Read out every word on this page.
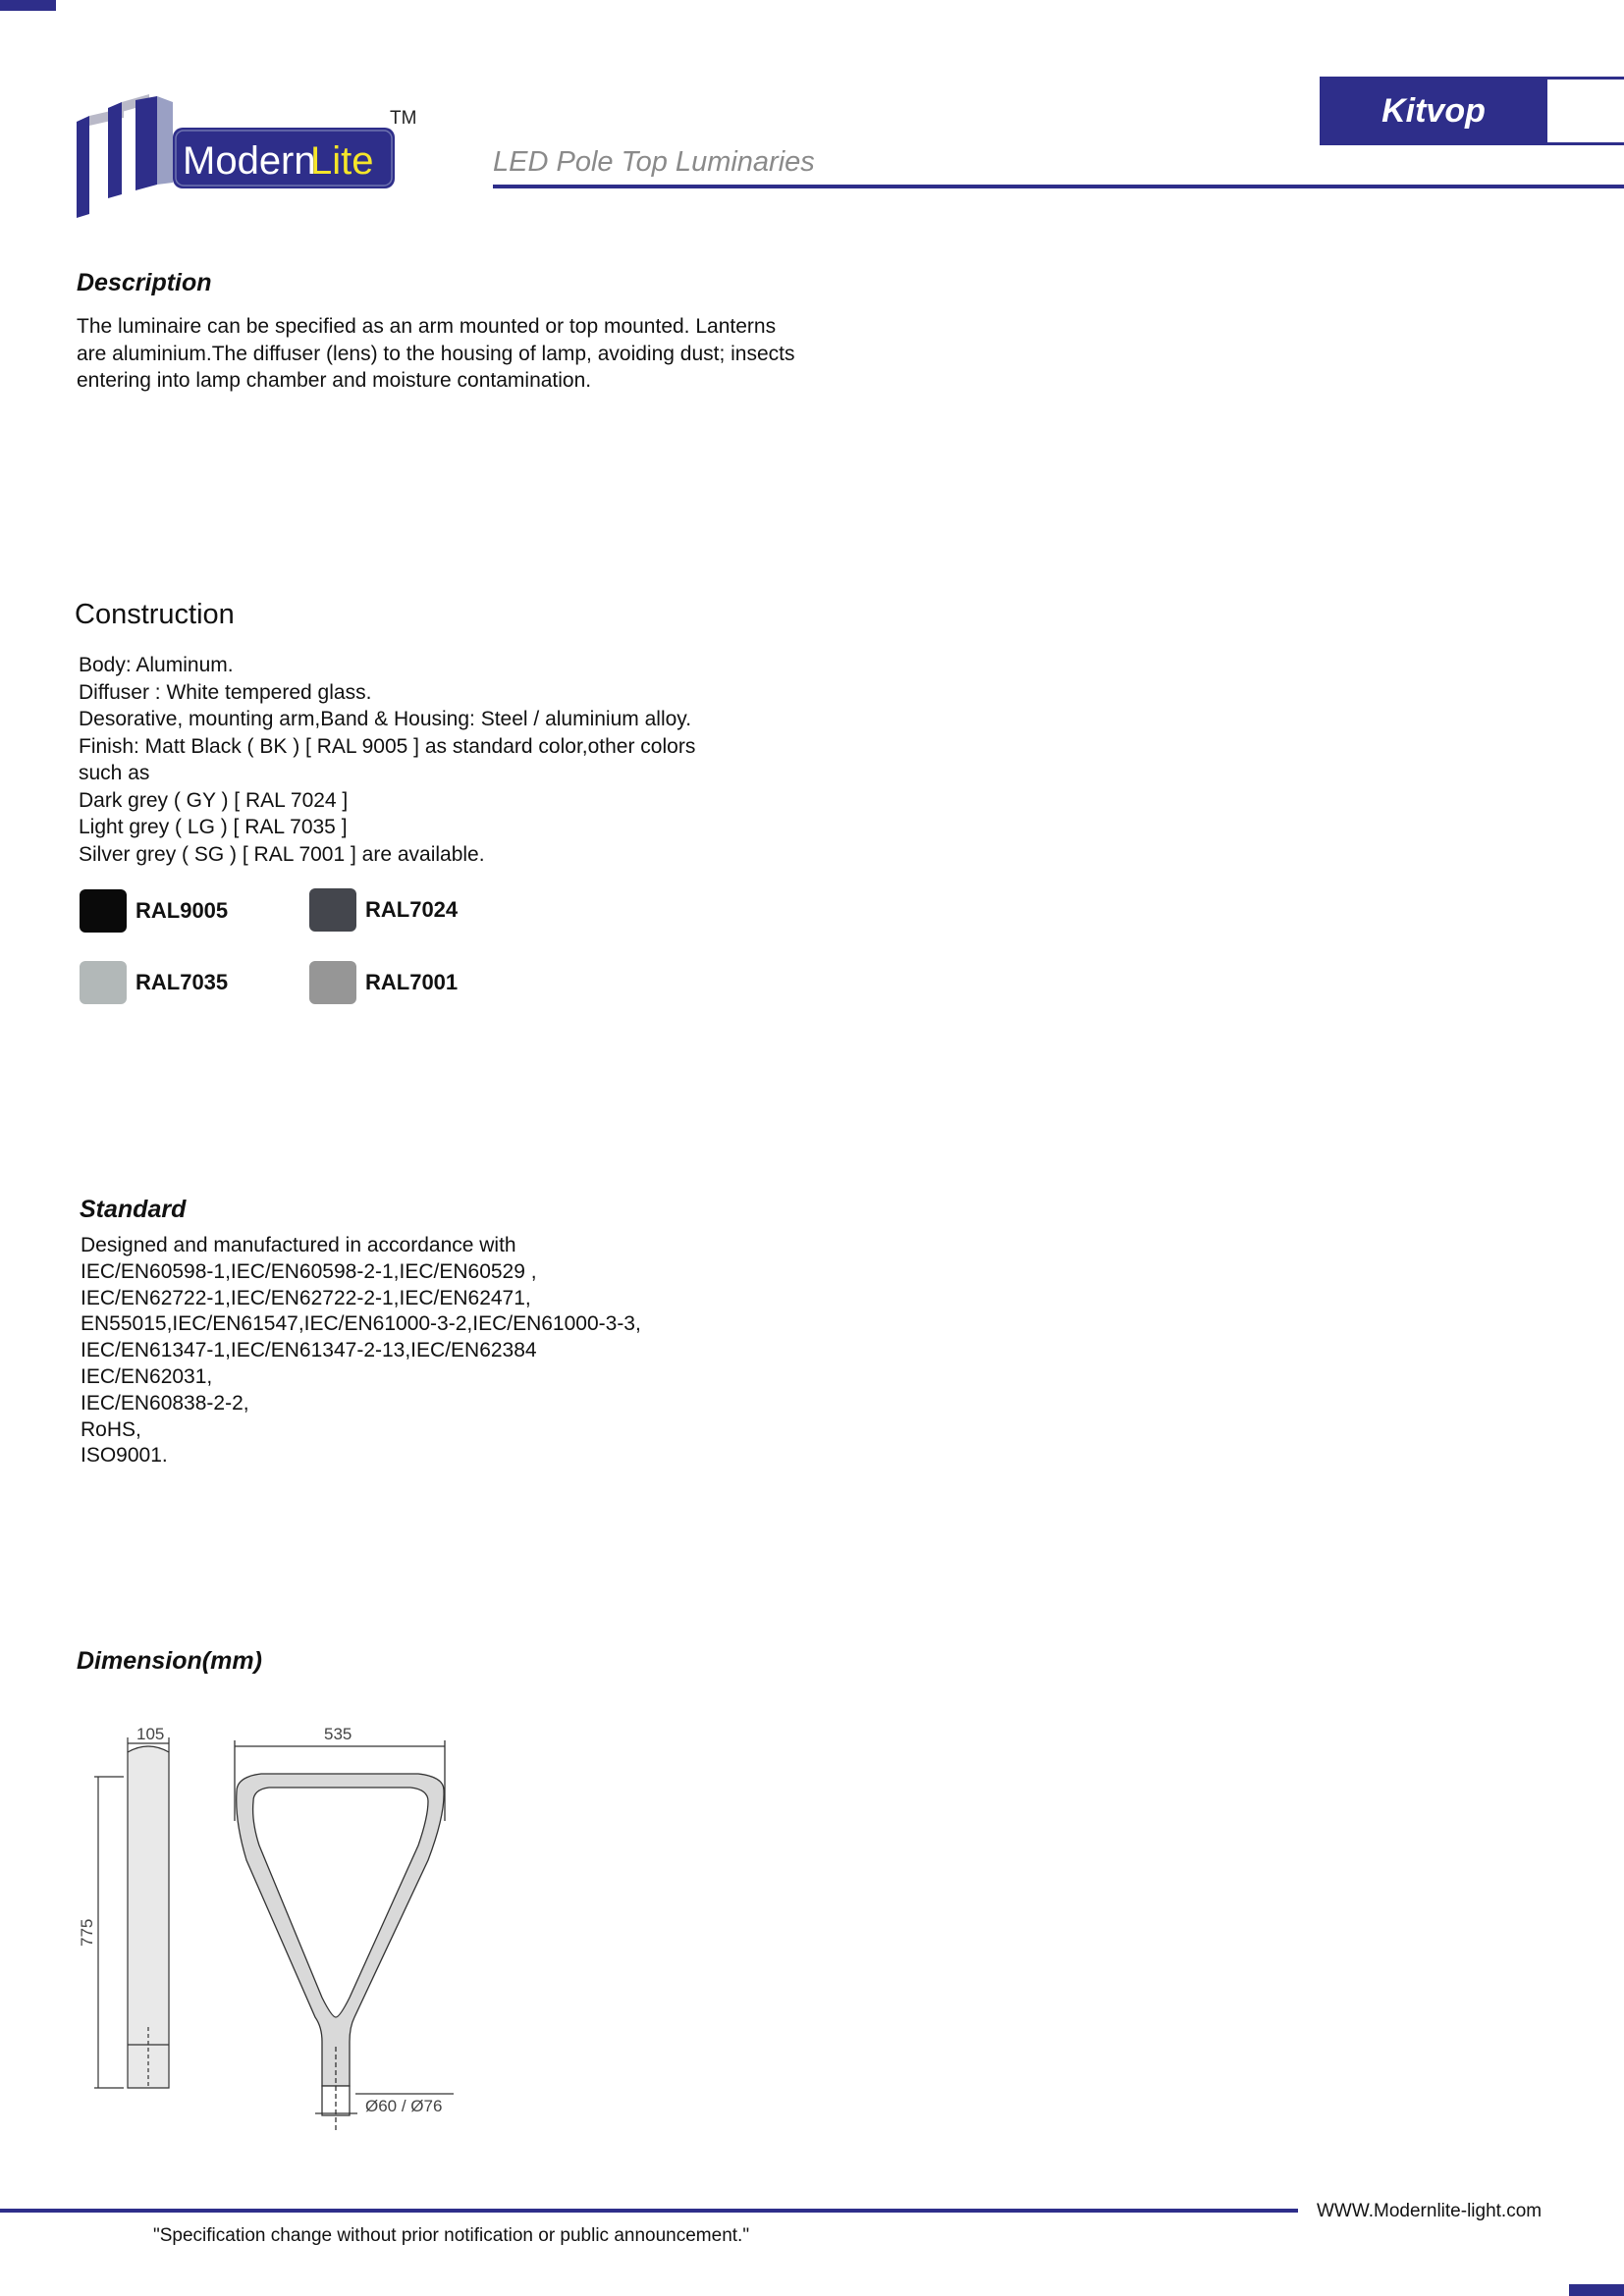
Modern
Lite
TM	Kitvop
LED Pole Top Luminaries
Description
The luminaire can be specified as an arm mounted or top mounted. Lanterns
are aluminium.The diffuser (lens) to the housing of lamp, avoiding dust; insects
entering into lamp chamber and moisture contamination.
Construction
Body: Aluminum.
Diffuser : White tempered glass.
Desorative, mounting arm,Band & Housing: Steel / aluminium alloy.
Finish: Matt Black ( BK ) [ RAL 9005 ] as standard color,other colors
such as
Dark grey ( GY ) [ RAL 7024 ]
Light grey ( LG ) [ RAL 7035 ]
Silver grey ( SG ) [ RAL 7001 ] are available.
RAL9005	RAL7024
RAL7035	RAL7001
Standard
Designed and manufactured in accordance with
IEC/EN60598-1,IEC/EN60598-2-1,IEC/EN60529 ,
IEC/EN62722-1,IEC/EN62722-2-1,IEC/EN62471,
EN55015,IEC/EN61547,IEC/EN61000-3-2,IEC/EN61000-3-3,
IEC/EN61347-1,IEC/EN61347-2-13,IEC/EN62384
IEC/EN62031,
IEC/EN60838-2-2,
RoHS,
ISO9001.
Dimension(mm)
105
775
535
Ø60 / Ø76
WWW.Modernlite-light.com
"Specification change without prior notification or public announcement."
